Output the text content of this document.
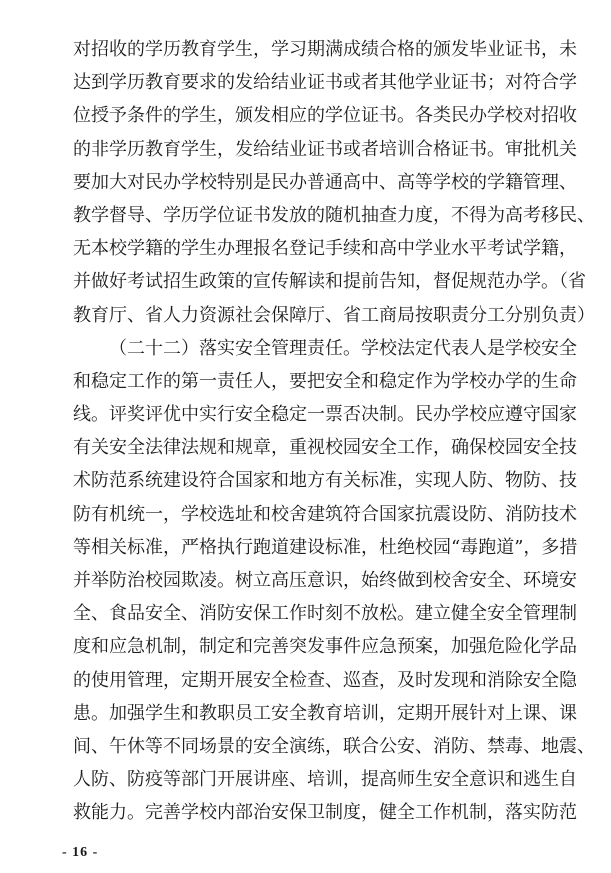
对招收的学历教育学生，学习期满成绩合格的颁发毕业证书，未
达到学历教育要求的发给结业证书或者其他学业证书；对符合学
位授予条件的学生，颁发相应的学位证书。各类民办学校对招收
的非学历教育学生，发给结业证书或者培训合格证书。审批机关
要加大对民办学校特别是民办普通高中、高等学校的学籍管理、
教学督导、学历学位证书发放的随机抽查力度，不得为高考移民、
无本校学籍的学生办理报名登记手续和高中学业水平考试学籍，
并做好考试招生政策的宣传解读和提前告知，督促规范办学。（省
教育厅、省人力资源社会保障厅、省工商局按职责分工分别负责）
（二十二）落实安全管理责任。学校法定代表人是学校安全
和稳定工作的第一责任人，要把安全和稳定作为学校办学的生命
线。评奖评优中实行安全稳定一票否决制。民办学校应遵守国家
有关安全法律法规和规章，重视校园安全工作，确保校园安全技
术防范系统建设符合国家和地方有关标准，实现人防、物防、技
防有机统一，学校选址和校舍建筑符合国家抗震设防、消防技术
等相关标准，严格执行跑道建设标准，杜绝校园“毒跑道”，多措
并举防治校园欺凌。树立高压意识，始终做到校舍安全、环境安
全、食品安全、消防安保工作时刻不放松。建立健全安全管理制
度和应急机制，制定和完善突发事件应急预案，加强危险化学品
的使用管理，定期开展安全检查、巡查，及时发现和消除安全隐
患。加强学生和教职员工安全教育培训，定期开展针对上课、课
间、午休等不同场景的安全演练，联合公安、消防、禁毒、地震、
人防、防疫等部门开展讲座、培训，提高师生安全意识和逃生自
救能力。完善学校内部治安保卫制度，健全工作机制，落实防范
- 16 -
